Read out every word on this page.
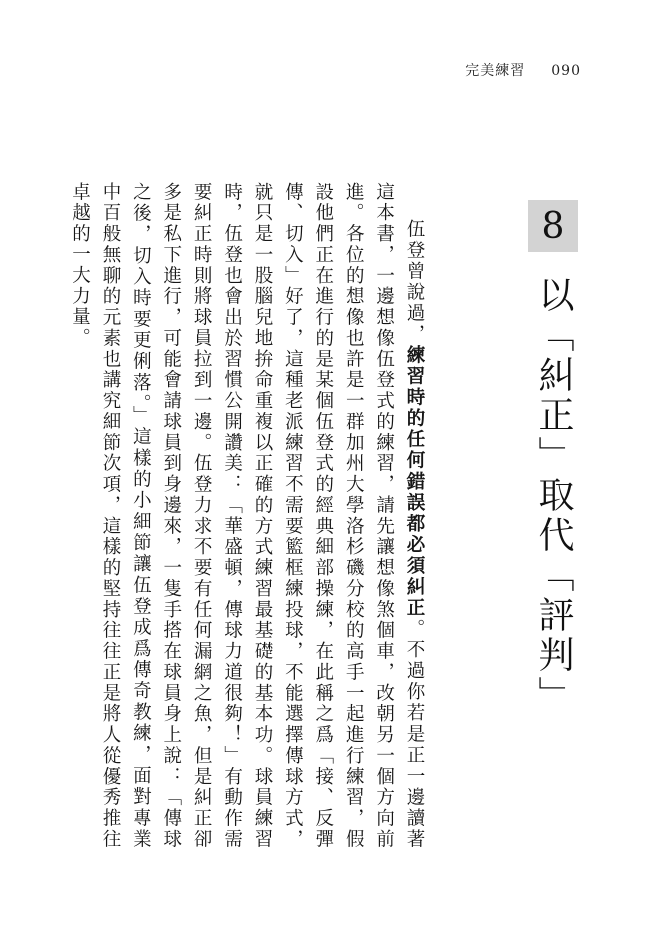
完美練習 090
8
以「糾正」取代「評判」

伍登曾說過，練習時的任何錯誤都必須糾正。不過你若是正一邊讀著這本書，一邊想像伍登式的練習，請先讓想像煞個車，改朝另一個方向前進。各位的想像也許是一群加州大學洛杉磯分校的高手一起進行練習，假設他們正在進行的是某個伍登式的經典細部操練，在此稱之爲「接、反彈傳、切入」好了，這種老派練習不需要籃框練投球，不能選擇傳球方式，就只是一股腦兒地拚命重複以正確的方式練習最基礎的基本功。球員練習時，伍登也會出於習慣公開讚美：「華盛頓，傳球力道很夠！」有動作需要糾正時則將球員拉到一邊。伍登力求不要有任何漏網之魚，但是糾正卻多是私下進行，可能會請球員到身邊來，一隻手搭在球員身上說：「傳球之後，切入時要更俐落。」這樣的小細節讓伍登成爲傳奇教練，面對專業中百般無聊的元素也講究細節次項，這樣的堅持往往正是將人從優秀推往卓越的一大力量。
